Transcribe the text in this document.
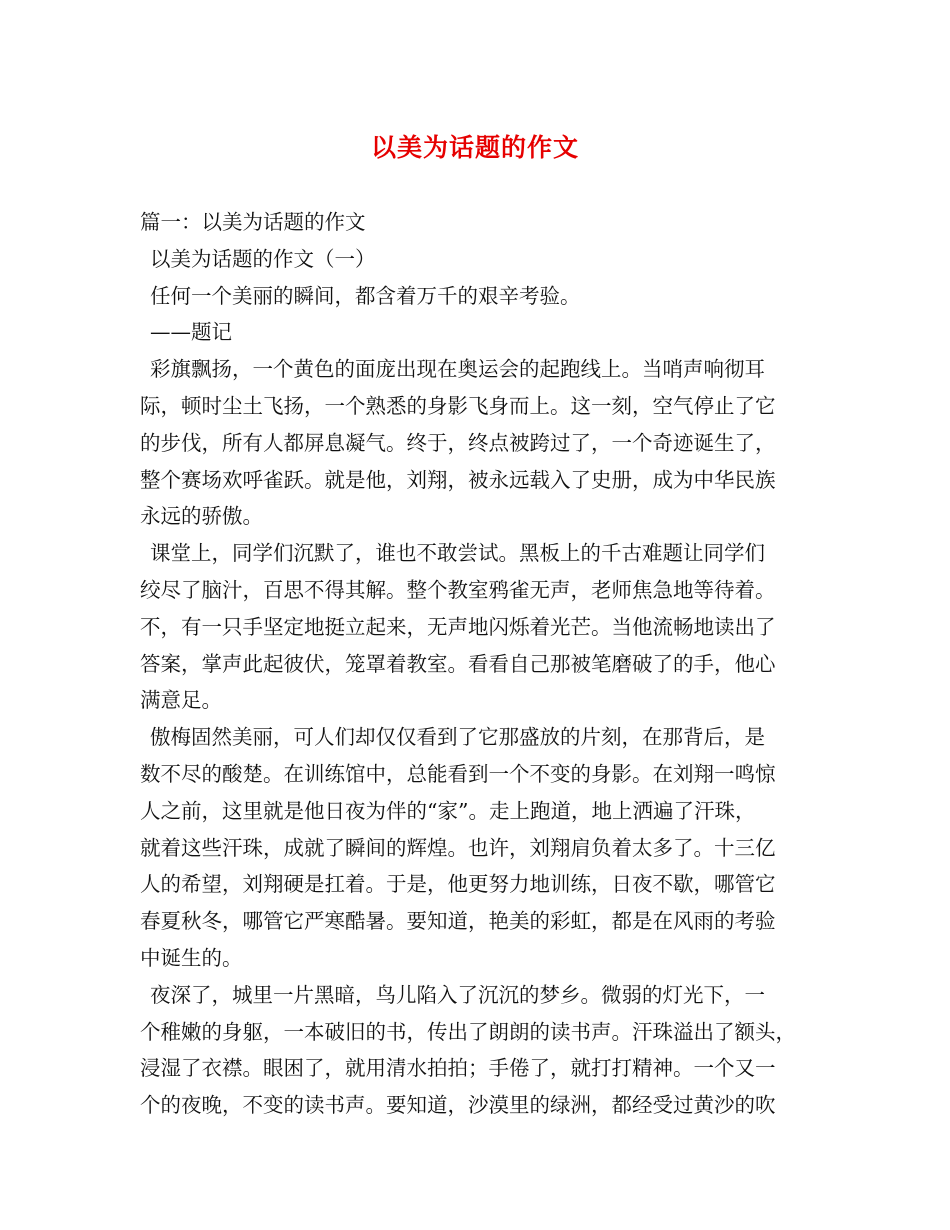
以美为话题的作文
篇一：以美为话题的作文
以美为话题的作文（一）
任何一个美丽的瞬间，都含着万千的艰辛考验。
——题记
彩旗飘扬，一个黄色的面庞出现在奥运会的起跑线上。当哨声响彻耳
际，顿时尘土飞扬，一个熟悉的身影飞身而上。这一刻，空气停止了它
的步伐，所有人都屏息凝气。终于，终点被跨过了，一个奇迹诞生了，
整个赛场欢呼雀跃。就是他，刘翔，被永远载入了史册，成为中华民族
永远的骄傲。
课堂上，同学们沉默了，谁也不敢尝试。黑板上的千古难题让同学们
绞尽了脑汁，百思不得其解。整个教室鸦雀无声，老师焦急地等待着。
不，有一只手坚定地挺立起来，无声地闪烁着光芒。当他流畅地读出了
答案，掌声此起彼伏，笼罩着教室。看看自己那被笔磨破了的手，他心
满意足。
傲梅固然美丽，可人们却仅仅看到了它那盛放的片刻，在那背后，是
数不尽的酸楚。在训练馆中，总能看到一个不变的身影。在刘翔一鸣惊
人之前，这里就是他日夜为伴的“家”。走上跑道，地上洒遍了汗珠，
就着这些汗珠，成就了瞬间的辉煌。也许，刘翔肩负着太多了。十三亿
人的希望，刘翔硬是扛着。于是，他更努力地训练，日夜不歇，哪管它
春夏秋冬，哪管它严寒酷暑。要知道，艳美的彩虹，都是在风雨的考验
中诞生的。
夜深了，城里一片黑暗，鸟儿陷入了沉沉的梦乡。微弱的灯光下，一
个稚嫩的身躯，一本破旧的书，传出了朗朗的读书声。汗珠溢出了额头，
浸湿了衣襟。眼困了，就用清水拍拍；手倦了，就打打精神。一个又一
个的夜晚，不变的读书声。要知道，沙漠里的绿洲，都经受过黄沙的吹
